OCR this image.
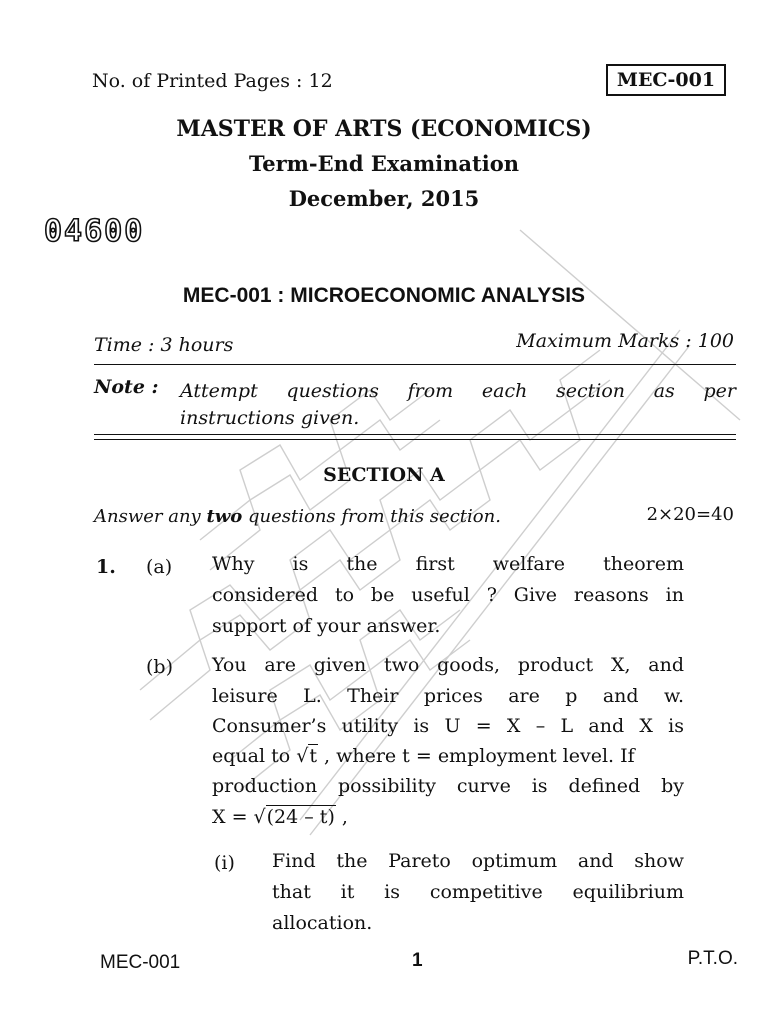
No. of Printed Pages : 12	MEC-001
MASTER OF ARTS (ECONOMICS)
Term-End Examination
December, 2015
04600
MEC-001 : MICROECONOMIC ANALYSIS
Time : 3 hours	Maximum Marks : 100
Note : Attempt questions from each section as per
instructions given.
SECTION A
Answer any two questions from this section.	2×20=40
1. (a) Why is the first welfare theorem
considered to be useful ? Give reasons in
support of your answer.
(b) You are given two goods, product X, and
leisure L. Their prices are p and w.
Consumer’s utility is U = X – L and X is
equal to √t , where t = employment level. If
production possibility curve is defined by
X = √(24 – t) ,
(i) Find the Pareto optimum and show
that it is competitive equilibrium
allocation.
MEC-001	1	P.T.O.
